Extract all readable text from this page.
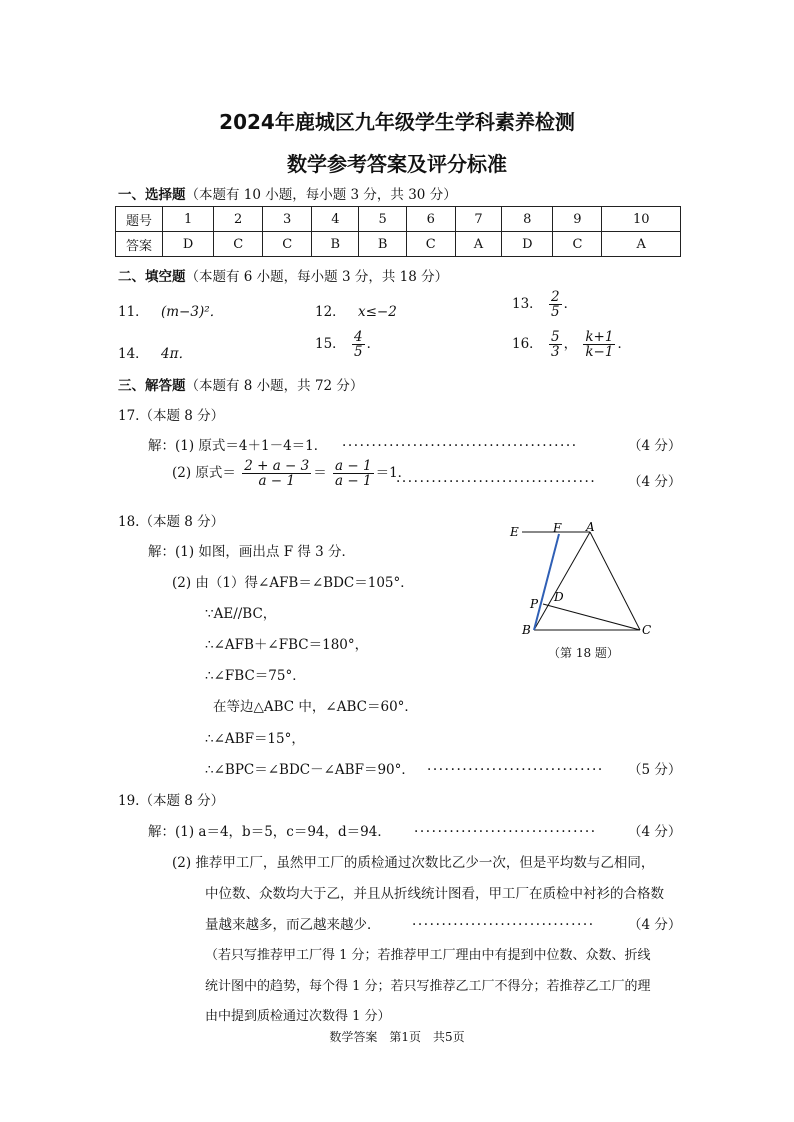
2024年鹿城区九年级学生学科素养检测
数学参考答案及评分标准
一、选择题（本题有 10 小题，每小题 3 分，共 30 分）
题号	1	2	3	4	5	6	7	8	9	10
答案	D	C	C	B	B	C	A	D	C	A
二、填空题（本题有 6 小题，每小题 3 分，共 18 分）
11． (m−3)²．	12． x≤−2	13． $\frac{2}{5}$ ．
14． 4π．
15． $\frac{4}{5}$ ．	16． $\frac{5}{3}$ ， $\frac{k+1}{k-1}$ ．
三、解答题（本题有 8 小题，共 72 分）
17.（本题 8 分）
解：(1) 原式＝4＋1－4＝1． ........................................	（4 分）
(2) 原式＝ $\frac{2 + a - 3}{a - 1} = \frac{a - 1}{a - 1} =1$．
.................................. （4 分）
18.（本题 8 分）
解：(1) 如图，画出点 F 得 3 分．
(2) 由（1）得∠AFB＝∠BDC＝105°．
∵AE//BC，
∴∠AFB＋∠FBC＝180°，
∴∠FBC＝75°．
在等边△ABC 中，∠ABC＝60°．
∴∠ABF＝15°，
∴∠BPC＝∠BDC－∠ABF＝90°． .............................. （5 分）
E	F A
P D
B	C
（第 18 题）
19.（本题 8 分）
解：(1) a＝4，b＝5，c＝94，d＝94． ............................... （4 分）
(2) 推荐甲工厂，虽然甲工厂的质检通过次数比乙少一次，但是平均数与乙相同，
中位数、众数均大于乙，并且从折线统计图看，甲工厂在质检中衬衫的合格数
量越来越多，而乙越来越少． ............................... （4 分）
（若只写推荐甲工厂得 1 分；若推荐甲工厂理由中有提到中位数、众数、折线
统计图中的趋势，每个得 1 分；若只写推荐乙工厂不得分；若推荐乙工厂的理
由中提到质检通过次数得 1 分）
数学答案　第1页　共5页
